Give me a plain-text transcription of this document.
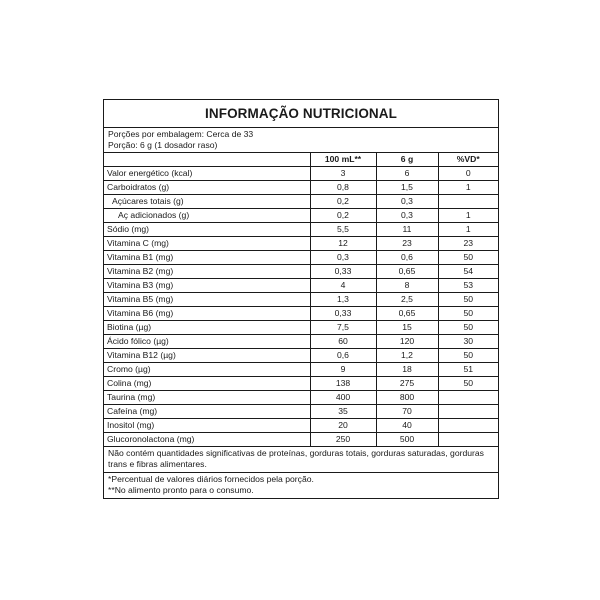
INFORMAÇÃO NUTRICIONAL
Porções por embalagem: Cerca de 33
Porção: 6 g (1 dosador raso)
	100 mL**	6 g	%VD*
Valor energético (kcal)	3	6	0
Carboidratos (g)	0,8	1,5	1
Açúcares totais (g)	0,2	0,3	
Aç adicionados (g)	0,2	0,3	1
Sódio (mg)	5,5	11	1
Vitamina C (mg)	12	23	23
Vitamina B1 (mg)	0,3	0,6	50
Vitamina B2 (mg)	0,33	0,65	54
Vitamina B3 (mg)	4	8	53
Vitamina B5 (mg)	1,3	2,5	50
Vitamina B6 (mg)	0,33	0,65	50
Biotina (µg)	7,5	15	50
Ácido fólico (µg)	60	120	30
Vitamina B12 (µg)	0,6	1,2	50
Cromo (µg)	9	18	51
Colina (mg)	138	275	50
Taurina (mg)	400	800	
Cafeína (mg)	35	70	
Inositol (mg)	20	40	
Glucoronolactona (mg)	250	500	
Não contém quantidades significativas de proteínas, gorduras totais, gorduras saturadas, gorduras trans e fibras alimentares.
*Percentual de valores diários fornecidos pela porção.
**No alimento pronto para o consumo.
